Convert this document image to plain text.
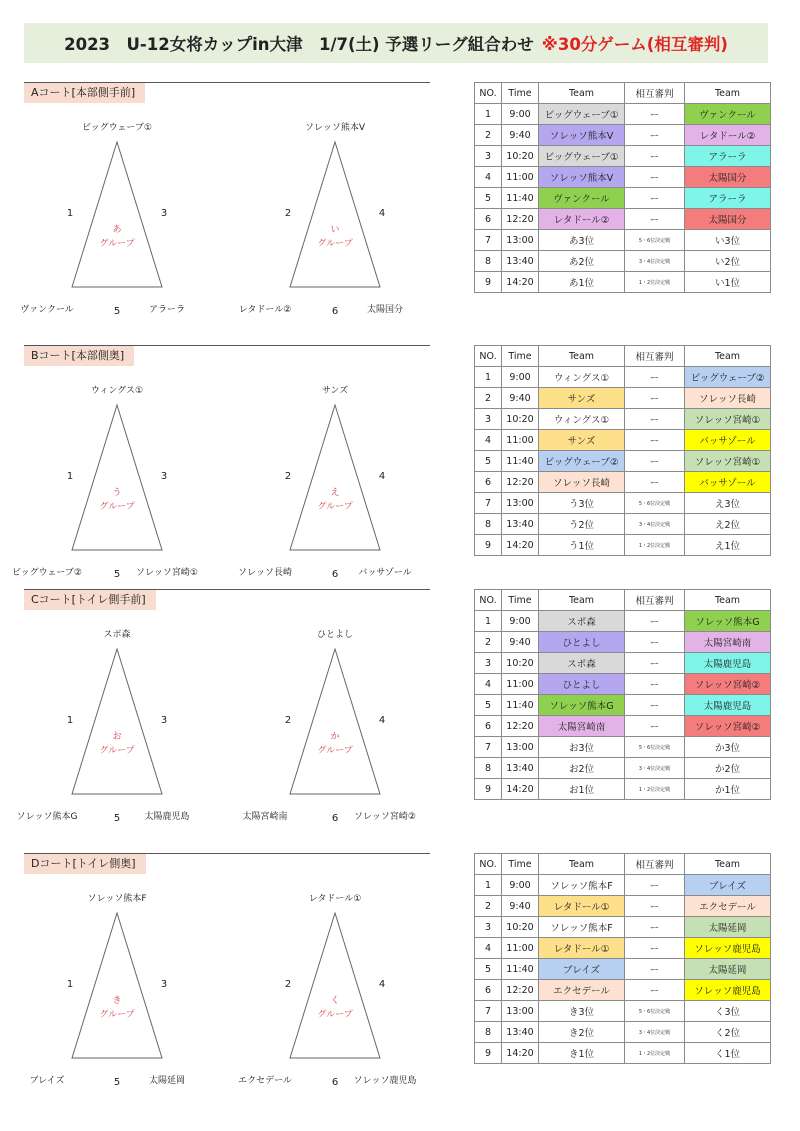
2023　U-12女将カップin大津　1/7(土) 予選リーグ組合わせ ※30分ゲーム(相互審判)
Aコート[本部側手前]
ビッグウェーブ①
ヴァンクール	アラーラ
1	3
5
あ
グループ
ソレッソ熊本V
レタドール②	太陽国分
2	4
6
い
グループ
NO.	Time	Team	相互審判	Team
1	9:00	ビッグウェーブ①	ー	ヴァンクール
2	9:40	ソレッソ熊本V	ー	レタドール②
3	10:20	ビッグウェーブ①	ー	アラーラ
4	11:00	ソレッソ熊本V	ー	太陽国分
5	11:40	ヴァンクール	ー	アラーラ
6	12:20	レタドール②	ー	太陽国分
7	13:00	あ3位	5・6位決定戦	い3位
8	13:40	あ2位	3・4位決定戦	い2位
9	14:20	あ1位	1・2位決定戦	い1位
Bコート[本部側奥]
ウィングス①
ビッグウェーブ②	ソレッソ宮崎①
1	3
5
う
グループ
サンズ
ソレッソ長崎	バッサゾール
2	4
6
え
グループ
NO.	Time	Team	相互審判	Team
1	9:00	ウィングス①	ー	ビッグウェーブ②
2	9:40	サンズ	ー	ソレッソ長崎
3	10:20	ウィングス①	ー	ソレッソ宮崎①
4	11:00	サンズ	ー	バッサゾール
5	11:40	ビッグウェーブ②	ー	ソレッソ宮崎①
6	12:20	ソレッソ長崎	ー	バッサゾール
7	13:00	う3位	5・6位決定戦	え3位
8	13:40	う2位	3・4位決定戦	え2位
9	14:20	う1位	1・2位決定戦	え1位
Cコート[トイレ側手前]
スポ森
ソレッソ熊本G	太陽鹿児島
1	3
5
お
グループ
ひとよし
太陽宮崎南	ソレッソ宮崎②
2	4
6
か
グループ
NO.	Time	Team	相互審判	Team
1	9:00	スポ森	ー	ソレッソ熊本G
2	9:40	ひとよし	ー	太陽宮崎南
3	10:20	スポ森	ー	太陽鹿児島
4	11:00	ひとよし	ー	ソレッソ宮崎②
5	11:40	ソレッソ熊本G	ー	太陽鹿児島
6	12:20	太陽宮崎南	ー	ソレッソ宮崎②
7	13:00	お3位	5・6位決定戦	か3位
8	13:40	お2位	3・4位決定戦	か2位
9	14:20	お1位	1・2位決定戦	か1位
Dコート[トイレ側奥]
ソレッソ熊本F
ブレイズ	太陽延岡
1	3
5
き
グループ
レタドール①
エクセデール	ソレッソ鹿児島
2	4
6
く
グループ
NO.	Time	Team	相互審判	Team
1	9:00	ソレッソ熊本F	ー	ブレイズ
2	9:40	レタドール①	ー	エクセデール
3	10:20	ソレッソ熊本F	ー	太陽延岡
4	11:00	レタドール①	ー	ソレッソ鹿児島
5	11:40	ブレイズ	ー	太陽延岡
6	12:20	エクセデール	ー	ソレッソ鹿児島
7	13:00	き3位	5・6位決定戦	く3位
8	13:40	き2位	3・4位決定戦	く2位
9	14:20	き1位	1・2位決定戦	く1位
